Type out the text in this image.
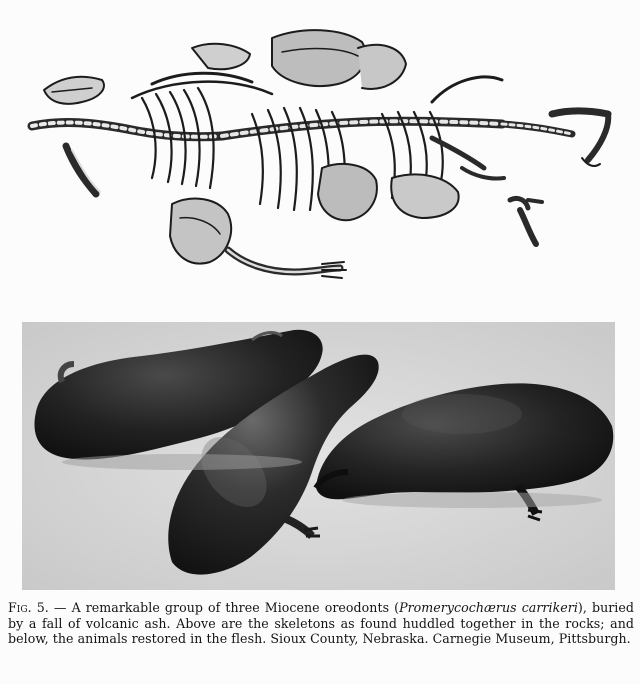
Fig. 5. — A remarkable group of three Miocene oreodonts (Promerycochærus carrikeri), buried by a fall of volcanic ash. Above are the skeletons as found huddled together in the rocks; and below, the animals restored in the flesh. Sioux County, Nebraska. Carnegie Museum, Pittsburgh.
